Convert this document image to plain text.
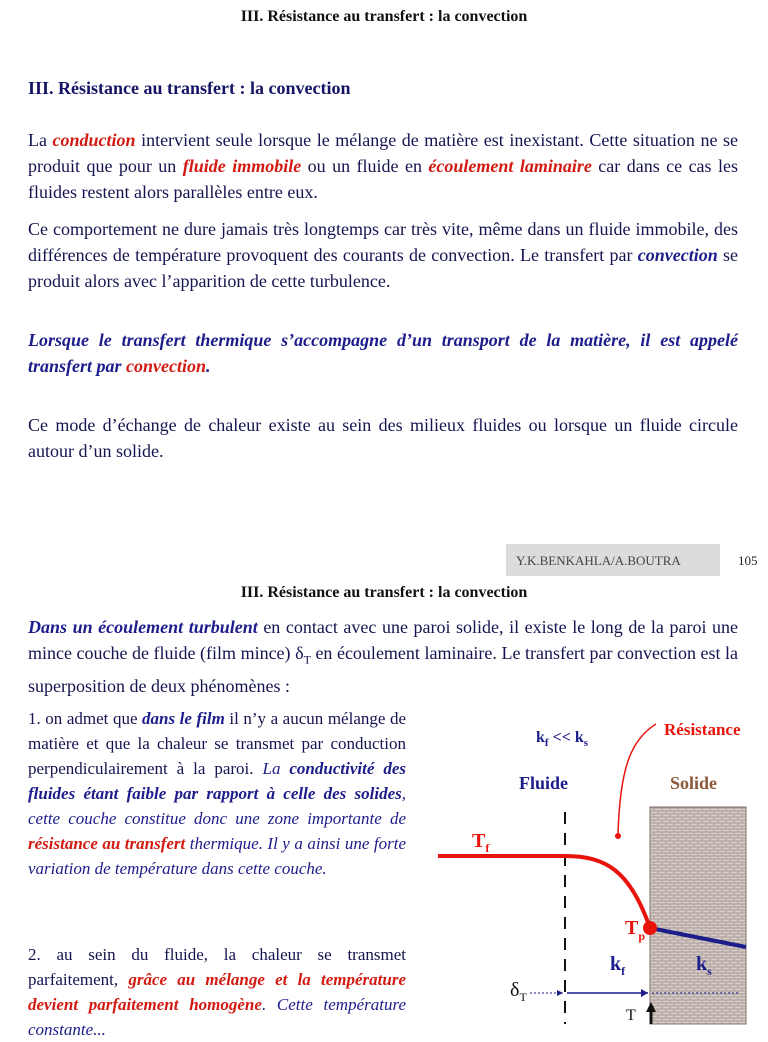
III. Résistance au transfert : la convection
III. Résistance au transfert : la convection
La conduction intervient seule lorsque le mélange de matière est inexistant. Cette situation ne se produit que pour un fluide immobile ou un fluide en écoulement laminaire car dans ce cas les fluides restent alors parallèles entre eux.
Ce comportement ne dure jamais très longtemps car très vite, même dans un fluide immobile, des différences de température provoquent des courants de convection. Le transfert par convection se produit alors avec l’apparition de cette turbulence.
Lorsque le transfert thermique s’accompagne d’un transport de la matière, il est appelé transfert par convection.
Ce mode d’échange de chaleur existe au sein des milieux fluides ou lorsque un fluide circule autour d’un solide.
Y.K.BENKAHLA/A.BOUTRA	105
III. Résistance au transfert : la convection
Dans un écoulement turbulent en contact avec une paroi solide, il existe le long de la paroi une mince couche de fluide (film mince) $\delta_T$ en écoulement laminaire. Le transfert par convection est la superposition de deux phénomènes :
1. on admet que dans le film il n’y a aucun mélange de matière et que la chaleur se transmet par conduction perpendiculairement à la paroi. La conductivité des fluides étant faible par rapport à celle des solides, cette couche constitue donc une zone importante de résistance au transfert thermique. Il y a ainsi une forte variation de température dans cette couche.
2. au sein du fluide, la chaleur se transmet parfaitement, grâce au mélange et la température devient parfaitement homogène. Cette température constante...
$k_f << k_s$
Résistance
Fluide	Solide
$T_f$
$T_p$
$k_f$	$k_s$
$\delta_T$
T
